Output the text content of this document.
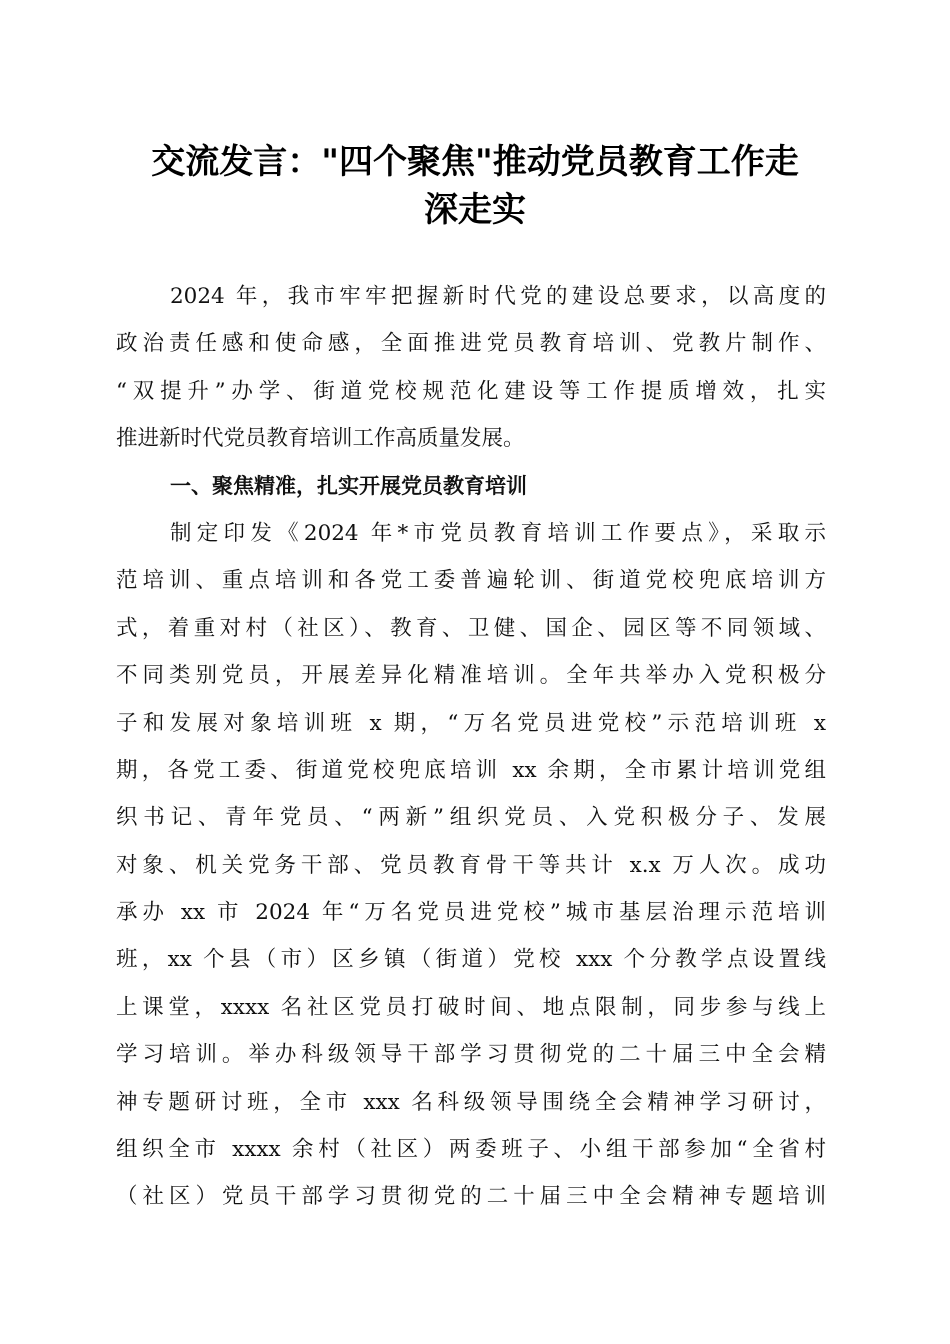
交流发言："四个聚焦"推动党员教育工作走
深走实
2024 年，我市牢牢把握新时代党的建设总要求，以高度的
政治责任感和使命感，全面推进党员教育培训、党教片制作、
“双提升”办学、街道党校规范化建设等工作提质增效，扎实
推进新时代党员教育培训工作高质量发展。
一、聚焦精准，扎实开展党员教育培训
制定印发《2024 年*市党员教育培训工作要点》，采取示
范培训、重点培训和各党工委普遍轮训、街道党校兜底培训方
式，着重对村（社区）、教育、卫健、国企、园区等不同领域、
不同类别党员，开展差异化精准培训。全年共举办入党积极分
子和发展对象培训班 x 期，“万名党员进党校”示范培训班 x
期，各党工委、街道党校兜底培训 xx 余期，全市累计培训党组
织书记、青年党员、“两新”组织党员、入党积极分子、发展
对象、机关党务干部、党员教育骨干等共计 x.x 万人次。成功
承办 xx 市 2024 年“万名党员进党校”城市基层治理示范培训
班，xx 个县（市）区乡镇（街道）党校 xxx 个分教学点设置线
上课堂，xxxx 名社区党员打破时间、地点限制，同步参与线上
学习培训。举办科级领导干部学习贯彻党的二十届三中全会精
神专题研讨班，全市 xxx 名科级领导围绕全会精神学习研讨，
组织全市 xxxx 余村（社区）两委班子、小组干部参加“全省村
（社区）党员干部学习贯彻党的二十届三中全会精神专题培训
